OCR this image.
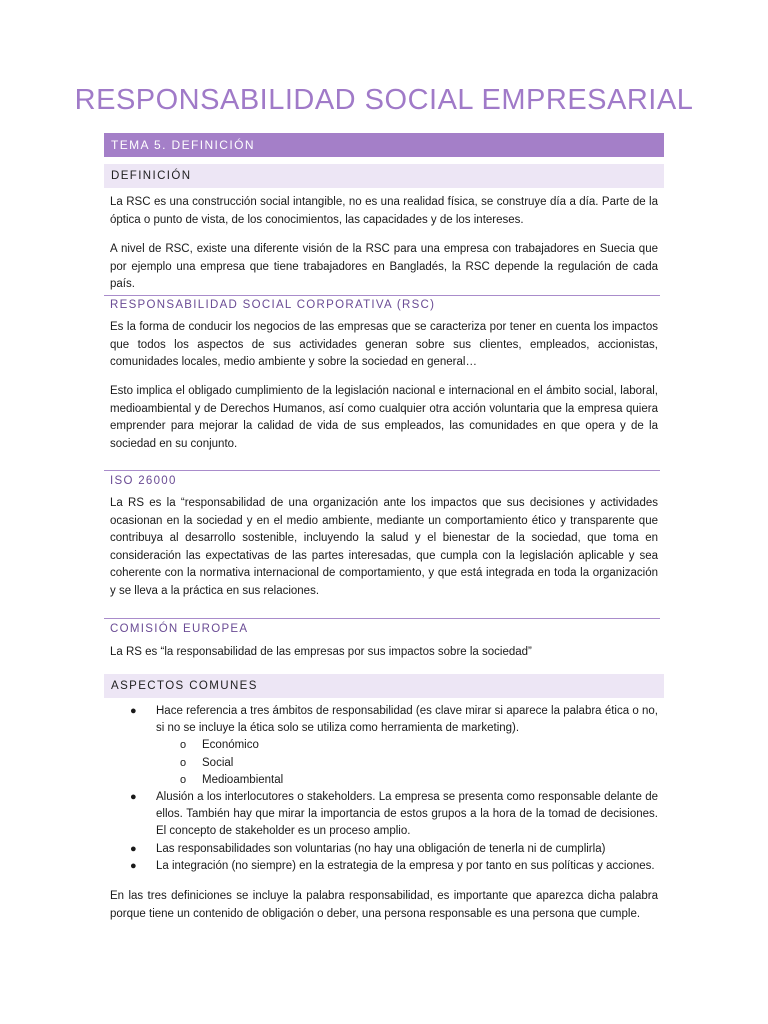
RESPONSABILIDAD SOCIAL EMPRESARIAL
TEMA 5. DEFINICIÓN
DEFINICIÓN

La RSC es una construcción social intangible, no es una realidad física, se construye día a día. Parte de la óptica o punto de vista, de los conocimientos, las capacidades y de los intereses.

A nivel de RSC, existe una diferente visión de la RSC para una empresa con trabajadores en Suecia que por ejemplo una empresa que tiene trabajadores en Bangladés, la RSC depende la regulación de cada país.

RESPONSABILIDAD SOCIAL CORPORATIVA (RSC)

Es la forma de conducir los negocios de las empresas que se caracteriza por tener en cuenta los impactos que todos los aspectos de sus actividades generan sobre sus clientes, empleados, accionistas, comunidades locales, medio ambiente y sobre la sociedad en general…

Esto implica el obligado cumplimiento de la legislación nacional e internacional en el ámbito social, laboral, medioambiental y de Derechos Humanos, así como cualquier otra acción voluntaria que la empresa quiera emprender para mejorar la calidad de vida de sus empleados, las comunidades en que opera y de la sociedad en su conjunto.

ISO 26000

La RS es la “responsabilidad de una organización ante los impactos que sus decisiones y actividades ocasionan en la sociedad y en el medio ambiente, mediante un comportamiento ético y transparente que contribuya al desarrollo sostenible, incluyendo la salud y el bienestar de la sociedad, que toma en consideración las expectativas de las partes interesadas, que cumpla con la legislación aplicable y sea coherente con la normativa internacional de comportamiento, y que está integrada en toda la organización y se lleva a la práctica en sus relaciones.

COMISIÓN EUROPEA

La RS es “la responsabilidad de las empresas por sus impactos sobre la sociedad”

ASPECTOS COMUNES
● Hace referencia a tres ámbitos de responsabilidad (es clave mirar si aparece la palabra ética o no, si no se incluye la ética solo se utiliza como herramienta de marketing).
o Económico
o Social
o Medioambiental
● Alusión a los interlocutores o stakeholders. La empresa se presenta como responsable delante de ellos. También hay que mirar la importancia de estos grupos a la hora de la tomad de decisiones. El concepto de stakeholder es un proceso amplio.
● Las responsabilidades son voluntarias (no hay una obligación de tenerla ni de cumplirla)
● La integración (no siempre) en la estrategia de la empresa y por tanto en sus políticas y acciones.

En las tres definiciones se incluye la palabra responsabilidad, es importante que aparezca dicha palabra porque tiene un contenido de obligación o deber, una persona responsable es una persona que cumple.
